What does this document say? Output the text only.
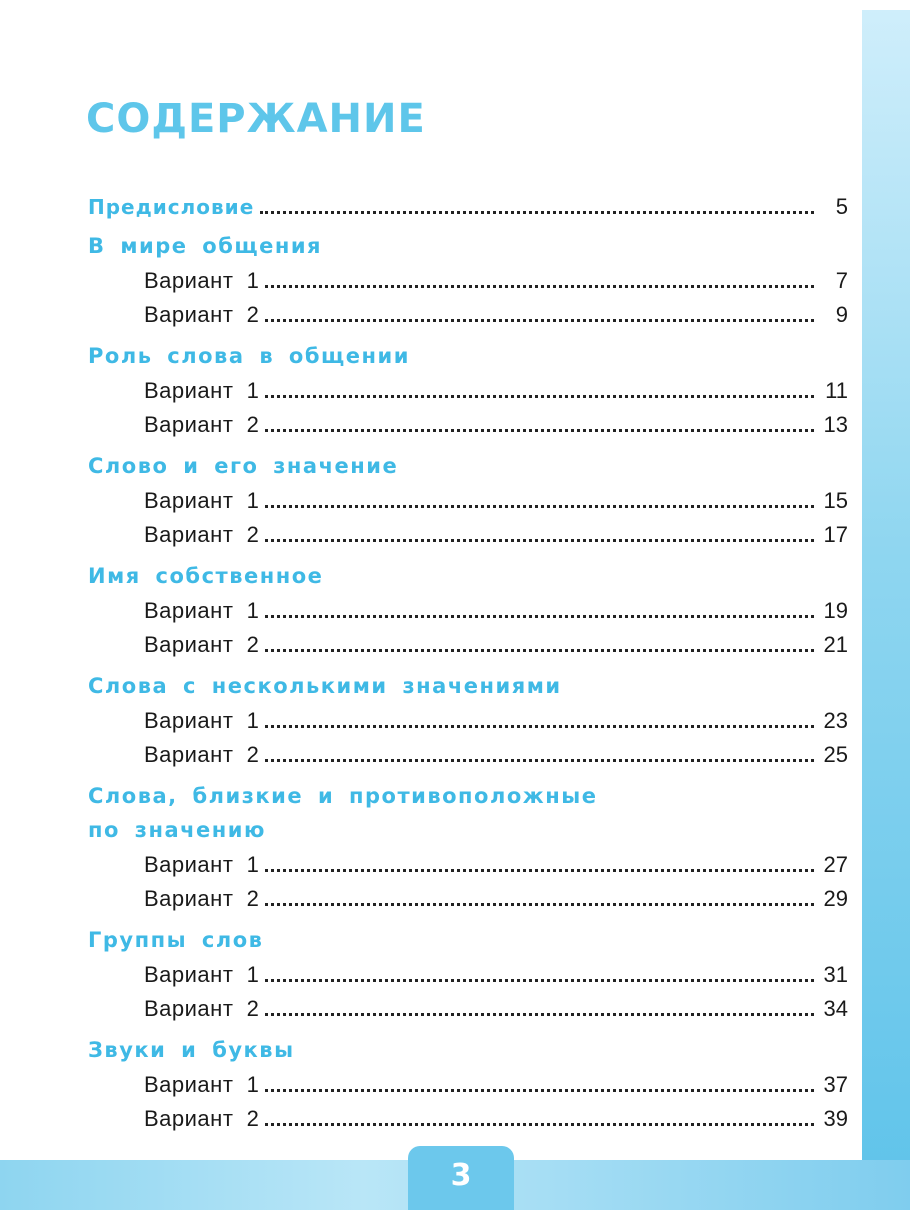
3
СОДЕРЖАНИЕ
Предисловие	5
В мире общения
Вариант  1	7
Вариант  2	9
Роль слова в общении
Вариант  1	11
Вариант  2	13
Слово и его значение
Вариант  1	15
Вариант  2	17
Имя собственное
Вариант  1	19
Вариант  2	21
Слова с несколькими значениями
Вариант  1	23
Вариант  2	25
Слова, близкие и противоположные
по значению
Вариант  1	27
Вариант  2	29
Группы слов
Вариант  1	31
Вариант  2	34
Звуки и буквы
Вариант  1	37
Вариант  2	39
